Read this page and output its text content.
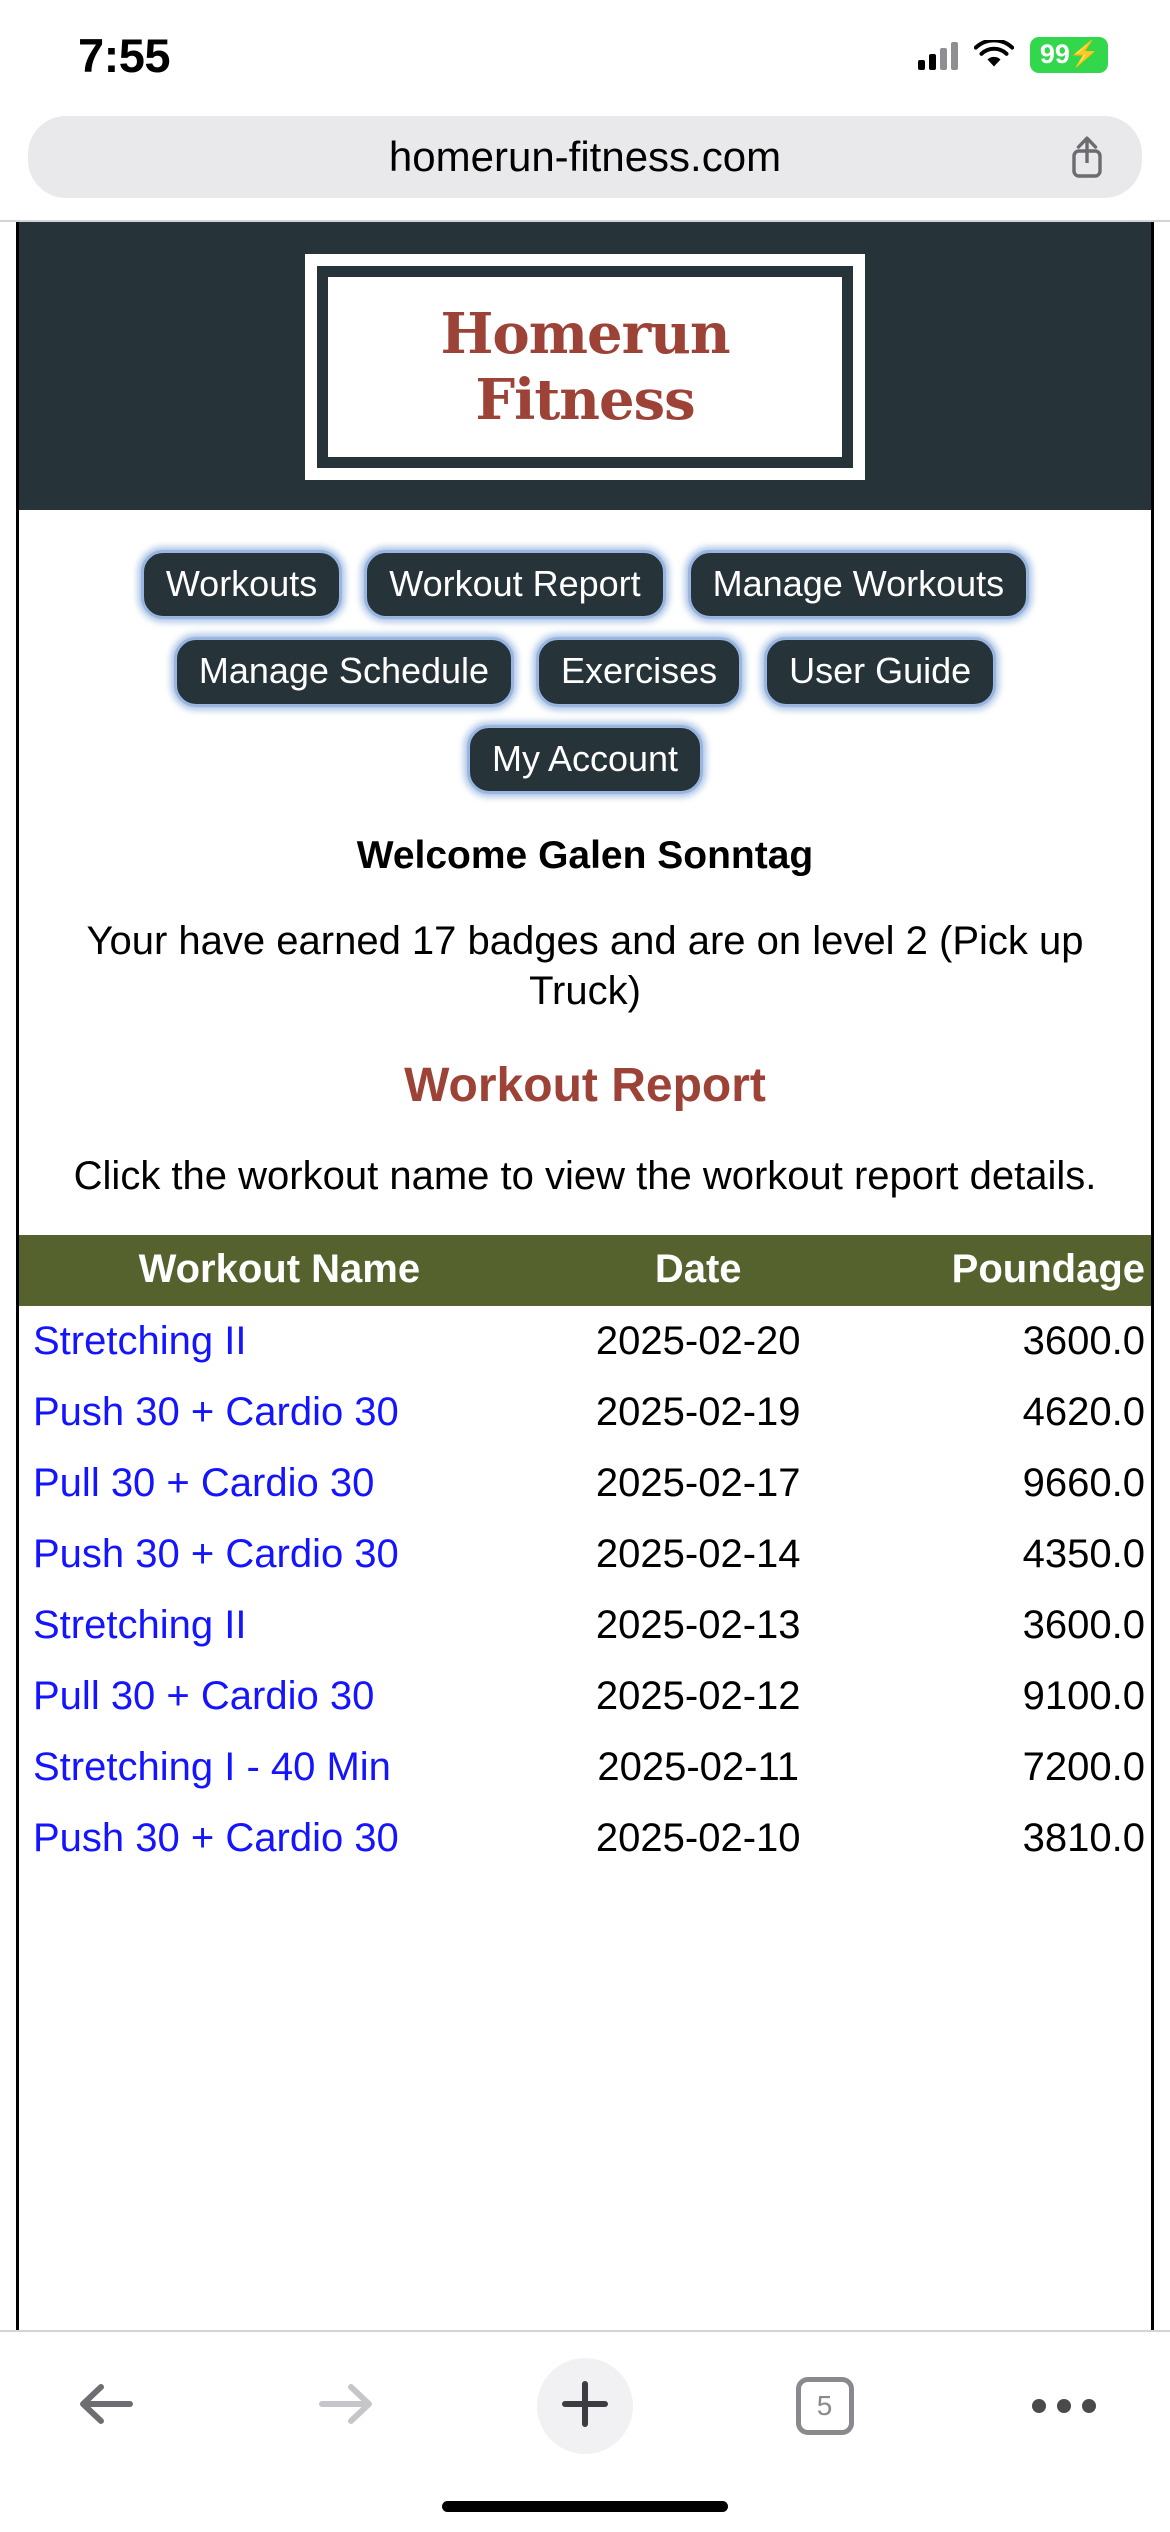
7:55	99 ⚡
homerun-fitness.com
Homerun Fitness
Workouts	Workout Report	Manage Workouts
Manage Schedule	Exercises	User Guide
My Account
Welcome Galen Sonntag
Your have earned 17 badges and are on level 2 (Pick up Truck)
Workout Report
Click the workout name to view the workout report details.
Workout Name	Date	Poundage
Stretching II	2025-02-20	3600.0
Push 30 + Cardio 30	2025-02-19	4620.0
Pull 30 + Cardio 30	2025-02-17	9660.0
Push 30 + Cardio 30	2025-02-14	4350.0
Stretching II	2025-02-13	3600.0
Pull 30 + Cardio 30	2025-02-12	9100.0
Stretching I - 40 Min	2025-02-11	7200.0
Push 30 + Cardio 30	2025-02-10	3810.0
5
